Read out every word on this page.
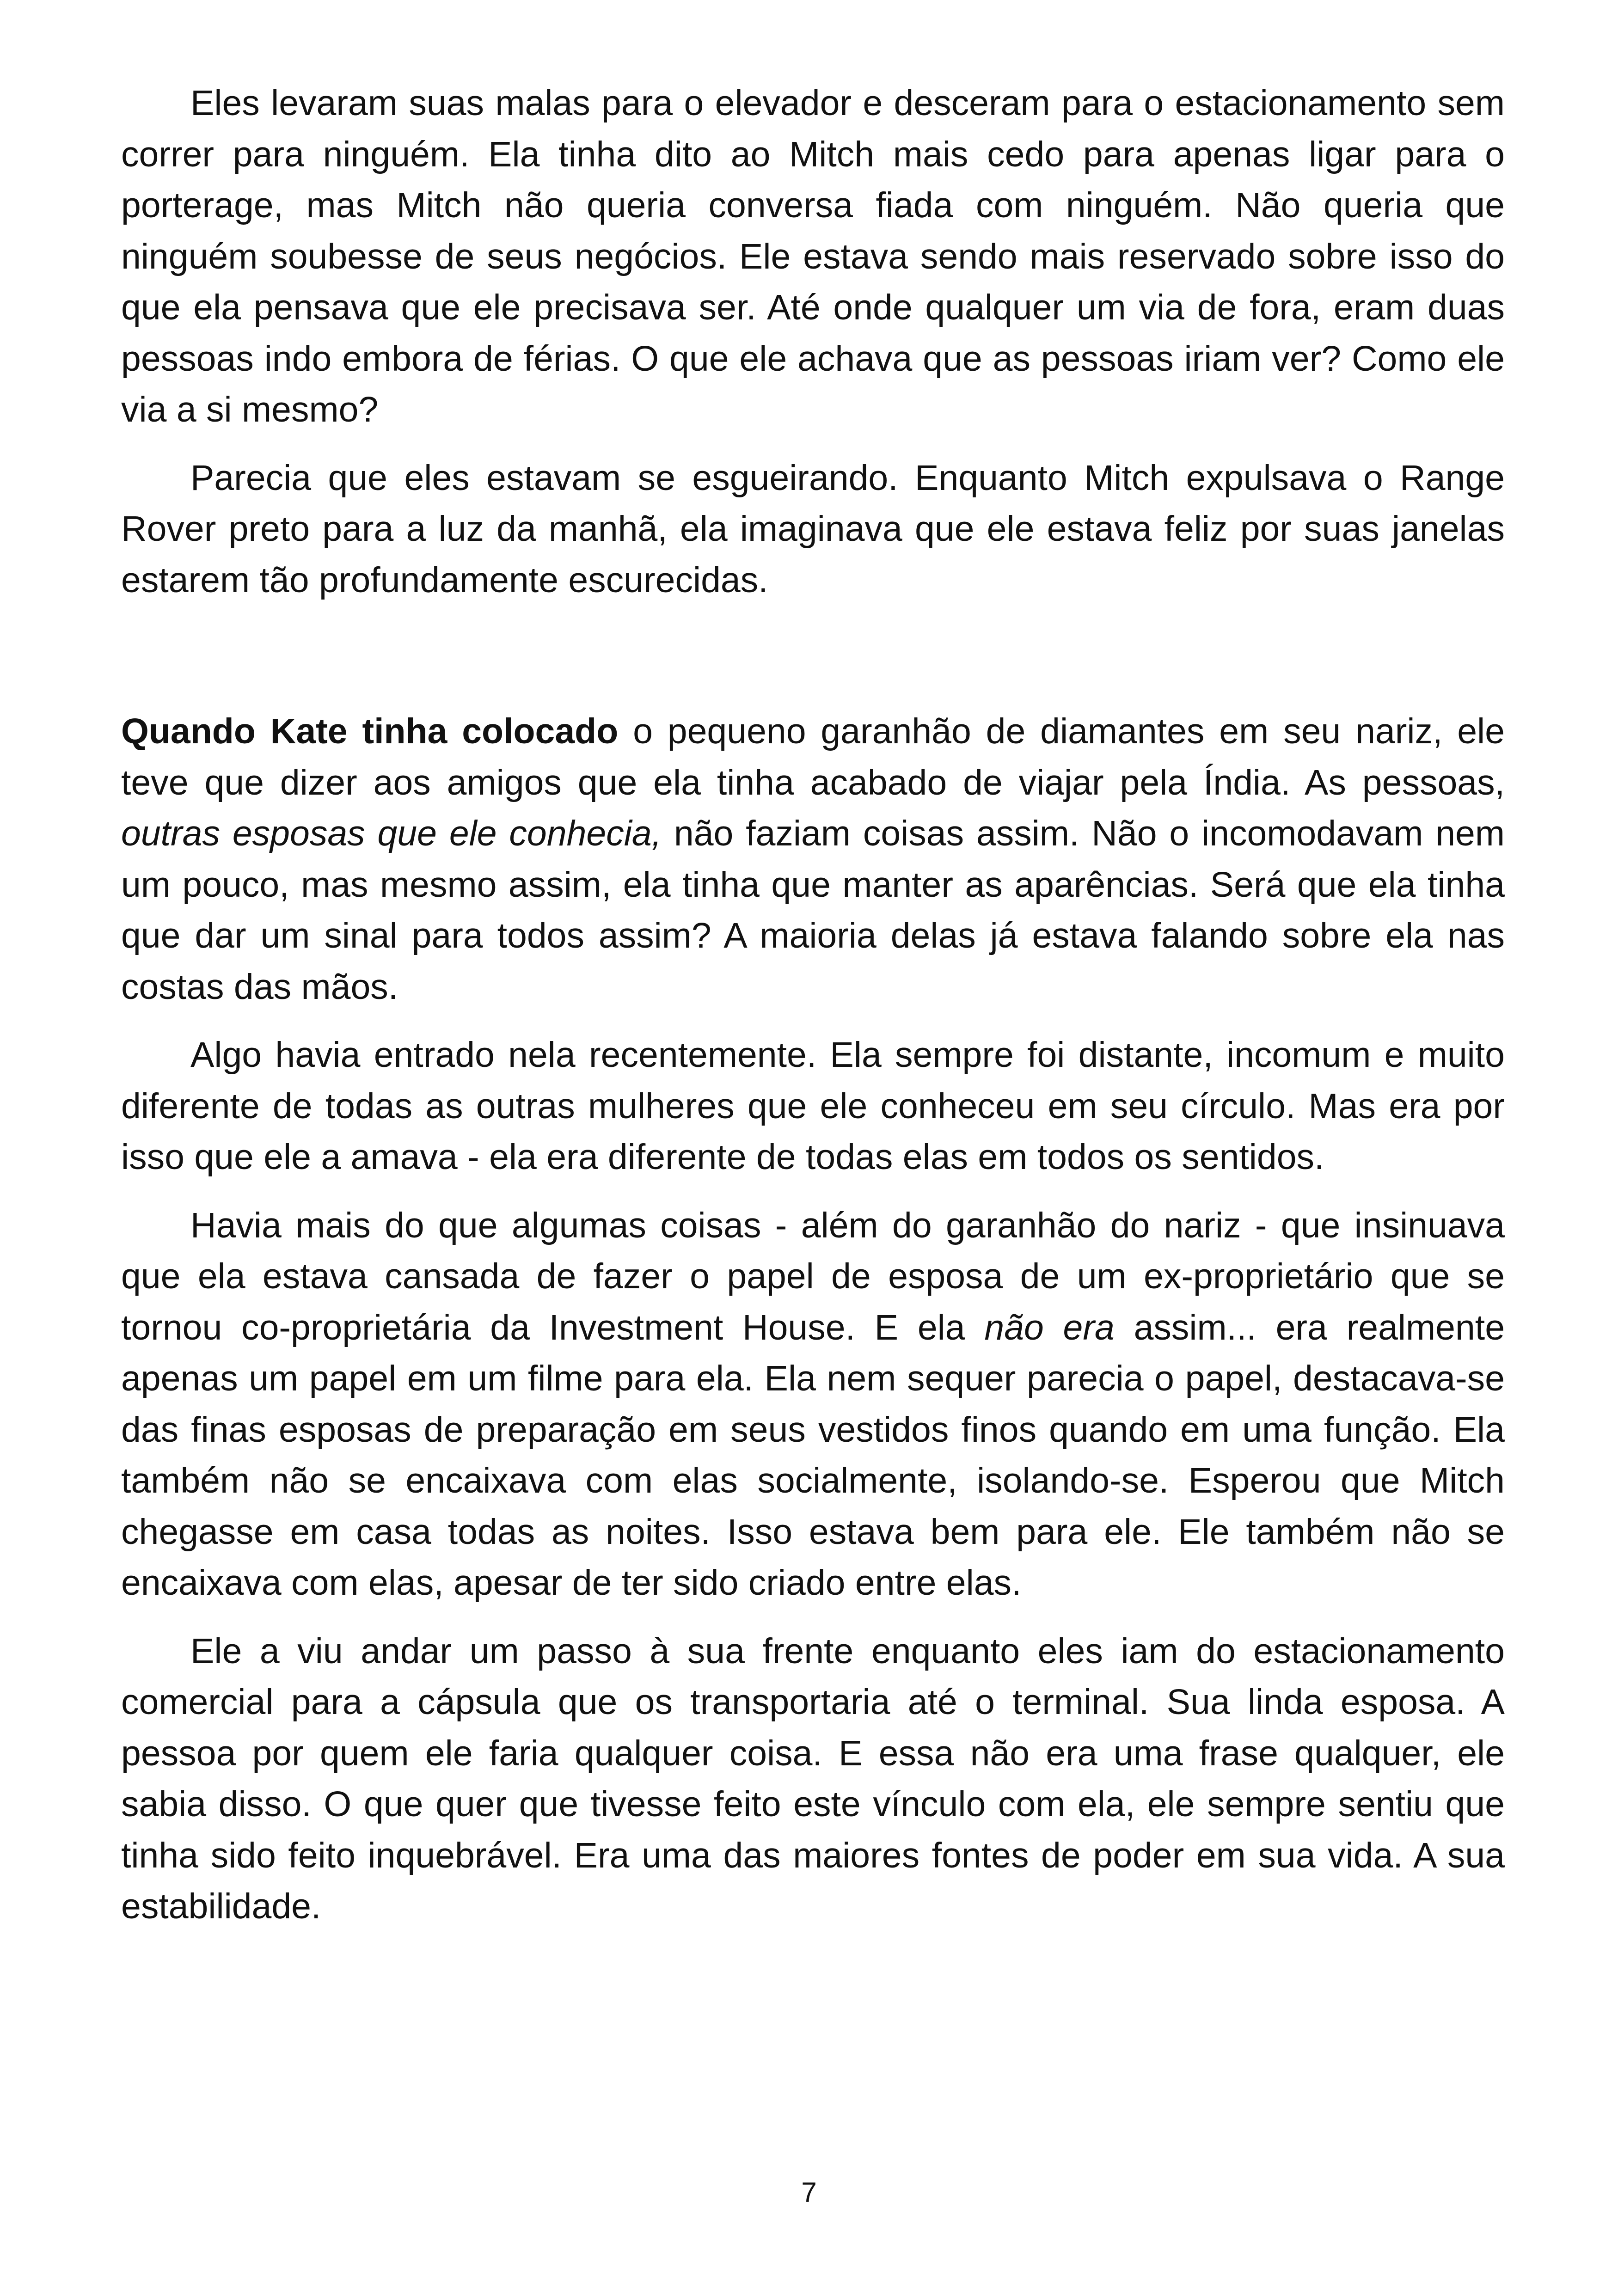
Eles levaram suas malas para o elevador e desceram para o estacionamento sem correr para ninguém. Ela tinha dito ao Mitch mais cedo para apenas ligar para o porterage, mas Mitch não queria conversa fiada com ninguém. Não queria que ninguém soubesse de seus negócios. Ele estava sendo mais reservado sobre isso do que ela pensava que ele precisava ser. Até onde qualquer um via de fora, eram duas pessoas indo embora de férias. O que ele achava que as pessoas iriam ver? Como ele via a si mesmo?

Parecia que eles estavam se esgueirando. Enquanto Mitch expulsava o Range Rover preto para a luz da manhã, ela imaginava que ele estava feliz por suas janelas estarem tão profundamente escurecidas.

Quando Kate tinha colocado o pequeno garanhão de diamantes em seu nariz, ele teve que dizer aos amigos que ela tinha acabado de viajar pela Índia. As pessoas, outras esposas que ele conhecia, não faziam coisas assim. Não o incomodavam nem um pouco, mas mesmo assim, ela tinha que manter as aparências. Será que ela tinha que dar um sinal para todos assim? A maioria delas já estava falando sobre ela nas costas das mãos.

Algo havia entrado nela recentemente. Ela sempre foi distante, incomum e muito diferente de todas as outras mulheres que ele conheceu em seu círculo. Mas era por isso que ele a amava - ela era diferente de todas elas em todos os sentidos.

Havia mais do que algumas coisas - além do garanhão do nariz - que insinuava que ela estava cansada de fazer o papel de esposa de um ex-proprietário que se tornou co-proprietária da Investment House. E ela não era assim... era realmente apenas um papel em um filme para ela. Ela nem sequer parecia o papel, destacava-se das finas esposas de preparação em seus vestidos finos quando em uma função. Ela também não se encaixava com elas socialmente, isolando-se. Esperou que Mitch chegasse em casa todas as noites. Isso estava bem para ele. Ele também não se encaixava com elas, apesar de ter sido criado entre elas.

Ele a viu andar um passo à sua frente enquanto eles iam do estacionamento comercial para a cápsula que os transportaria até o terminal. Sua linda esposa. A pessoa por quem ele faria qualquer coisa. E essa não era uma frase qualquer, ele sabia disso. O que quer que tivesse feito este vínculo com ela, ele sempre sentiu que tinha sido feito inquebrável. Era uma das maiores fontes de poder em sua vida. A sua estabilidade.

7
